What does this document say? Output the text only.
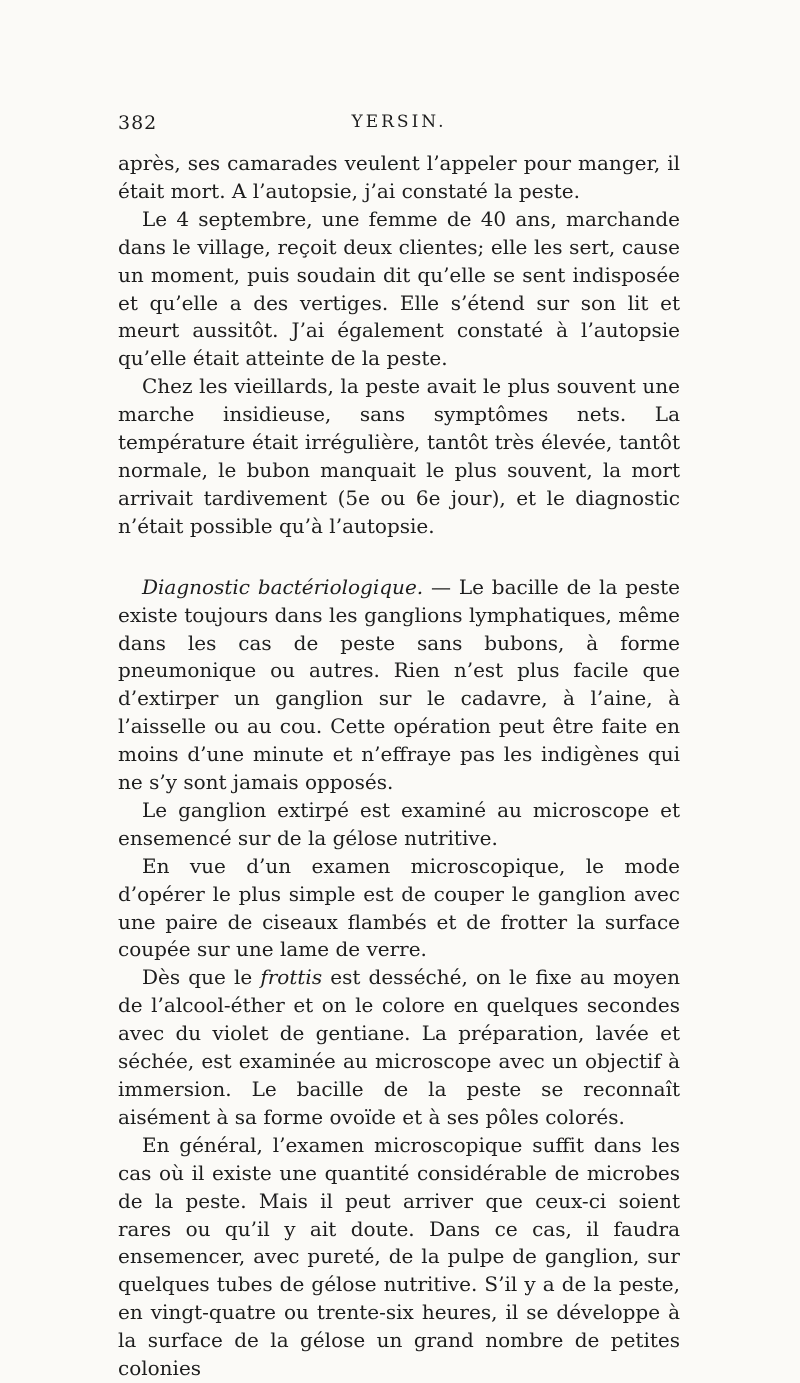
382	YERSIN.

après, ses camarades veulent l’appeler pour manger, il était mort. A l’autopsie, j’ai constaté la peste.

Le 4 septembre, une femme de 40 ans, marchande dans le village, reçoit deux clientes; elle les sert, cause un moment, puis soudain dit qu’elle se sent indisposée et qu’elle a des vertiges. Elle s’étend sur son lit et meurt aussitôt. J’ai également constaté à l’autopsie qu’elle était atteinte de la peste.

Chez les vieillards, la peste avait le plus souvent une marche insidieuse, sans symptômes nets. La température était irrégulière, tantôt très élevée, tantôt normale, le bubon manquait le plus souvent, la mort arrivait tardivement (5e ou 6e jour), et le diagnostic n’était possible qu’à l’autopsie.

Diagnostic bactériologique. — Le bacille de la peste existe toujours dans les ganglions lymphatiques, même dans les cas de peste sans bubons, à forme pneumonique ou autres. Rien n’est plus facile que d’extirper un ganglion sur le cadavre, à l’aine, à l’aisselle ou au cou. Cette opération peut être faite en moins d’une minute et n’effraye pas les indigènes qui ne s’y sont jamais opposés.

Le ganglion extirpé est examiné au microscope et ensemencé sur de la gélose nutritive.

En vue d’un examen microscopique, le mode d’opérer le plus simple est de couper le ganglion avec une paire de ciseaux flambés et de frotter la surface coupée sur une lame de verre.

Dès que le frottis est desséché, on le fixe au moyen de l’alcool-éther et on le colore en quelques secondes avec du violet de gentiane. La préparation, lavée et séchée, est examinée au microscope avec un objectif à immersion. Le bacille de la peste se reconnaît aisément à sa forme ovoïde et à ses pôles colorés.

En général, l’examen microscopique suffit dans les cas où il existe une quantité considérable de microbes de la peste. Mais il peut arriver que ceux-ci soient rares ou qu’il y ait doute. Dans ce cas, il faudra ensemencer, avec pureté, de la pulpe de ganglion, sur quelques tubes de gélose nutritive. S’il y a de la peste, en vingt-quatre ou trente-six heures, il se développe à la surface de la gélose un grand nombre de petites colonies
